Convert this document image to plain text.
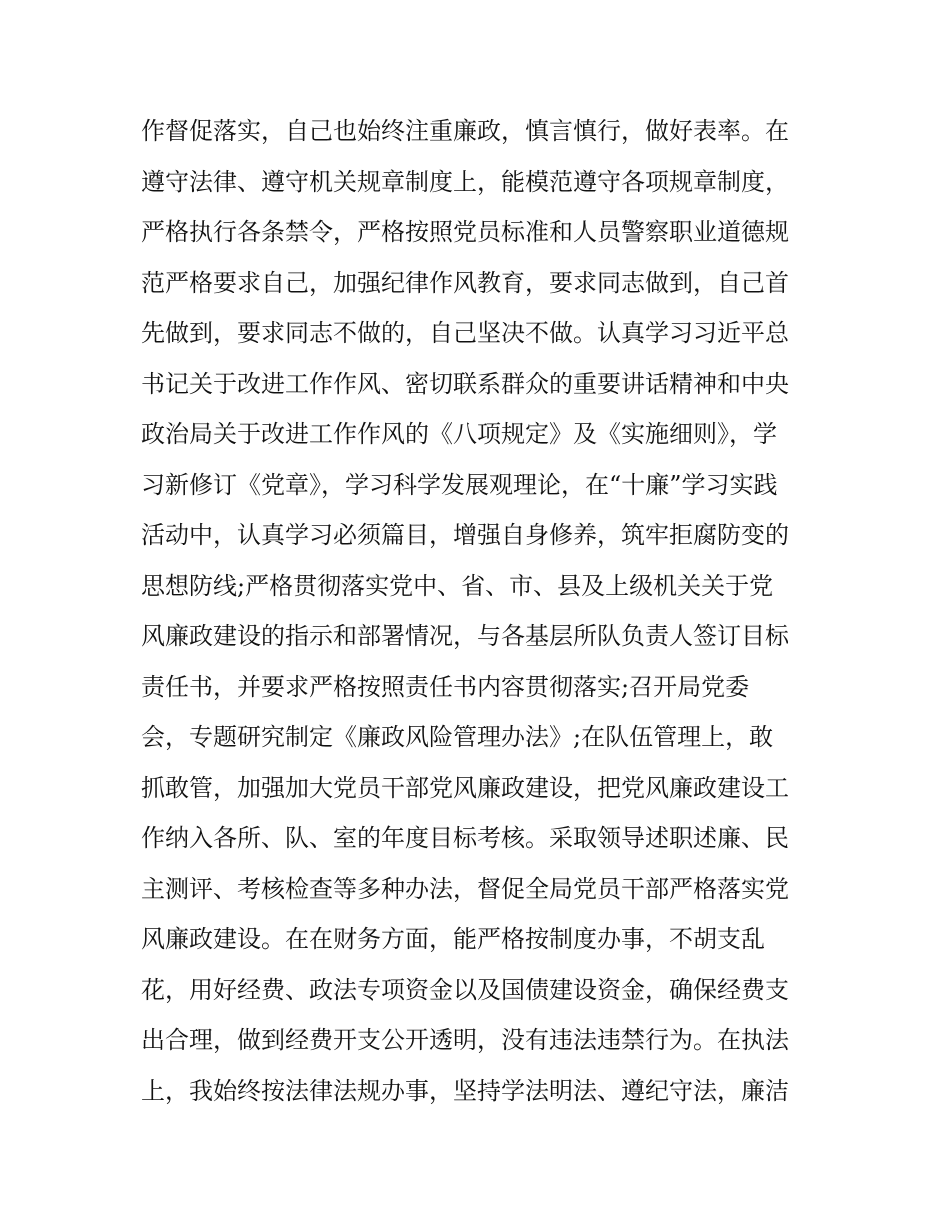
作督促落实，自己也始终注重廉政，慎言慎行，做好表率。在
遵守法律、遵守机关规章制度上，能模范遵守各项规章制度，
严格执行各条禁令，严格按照党员标准和人员警察职业道德规
范严格要求自己，加强纪律作风教育，要求同志做到，自己首
先做到，要求同志不做的，自己坚决不做。认真学习习近平总
书记关于改进工作作风、密切联系群众的重要讲话精神和中央
政治局关于改进工作作风的《八项规定》及《实施细则》，学
习新修订《党章》，学习科学发展观理论，在“十廉”学习实践
活动中，认真学习必须篇目，增强自身修养，筑牢拒腐防变的
思想防线;严格贯彻落实党中、省、市、县及上级机关关于党
风廉政建设的指示和部署情况，与各基层所队负责人签订目标
责任书，并要求严格按照责任书内容贯彻落实;召开局党委
会，专题研究制定《廉政风险管理办法》;在队伍管理上，敢
抓敢管，加强加大党员干部党风廉政建设，把党风廉政建设工
作纳入各所、队、室的年度目标考核。采取领导述职述廉、民
主测评、考核检查等多种办法，督促全局党员干部严格落实党
风廉政建设。在在财务方面，能严格按制度办事，不胡支乱
花，用好经费、政法专项资金以及国债建设资金，确保经费支
出合理，做到经费开支公开透明，没有违法违禁行为。在执法
上，我始终按法律法规办事，坚持学法明法、遵纪守法，廉洁
